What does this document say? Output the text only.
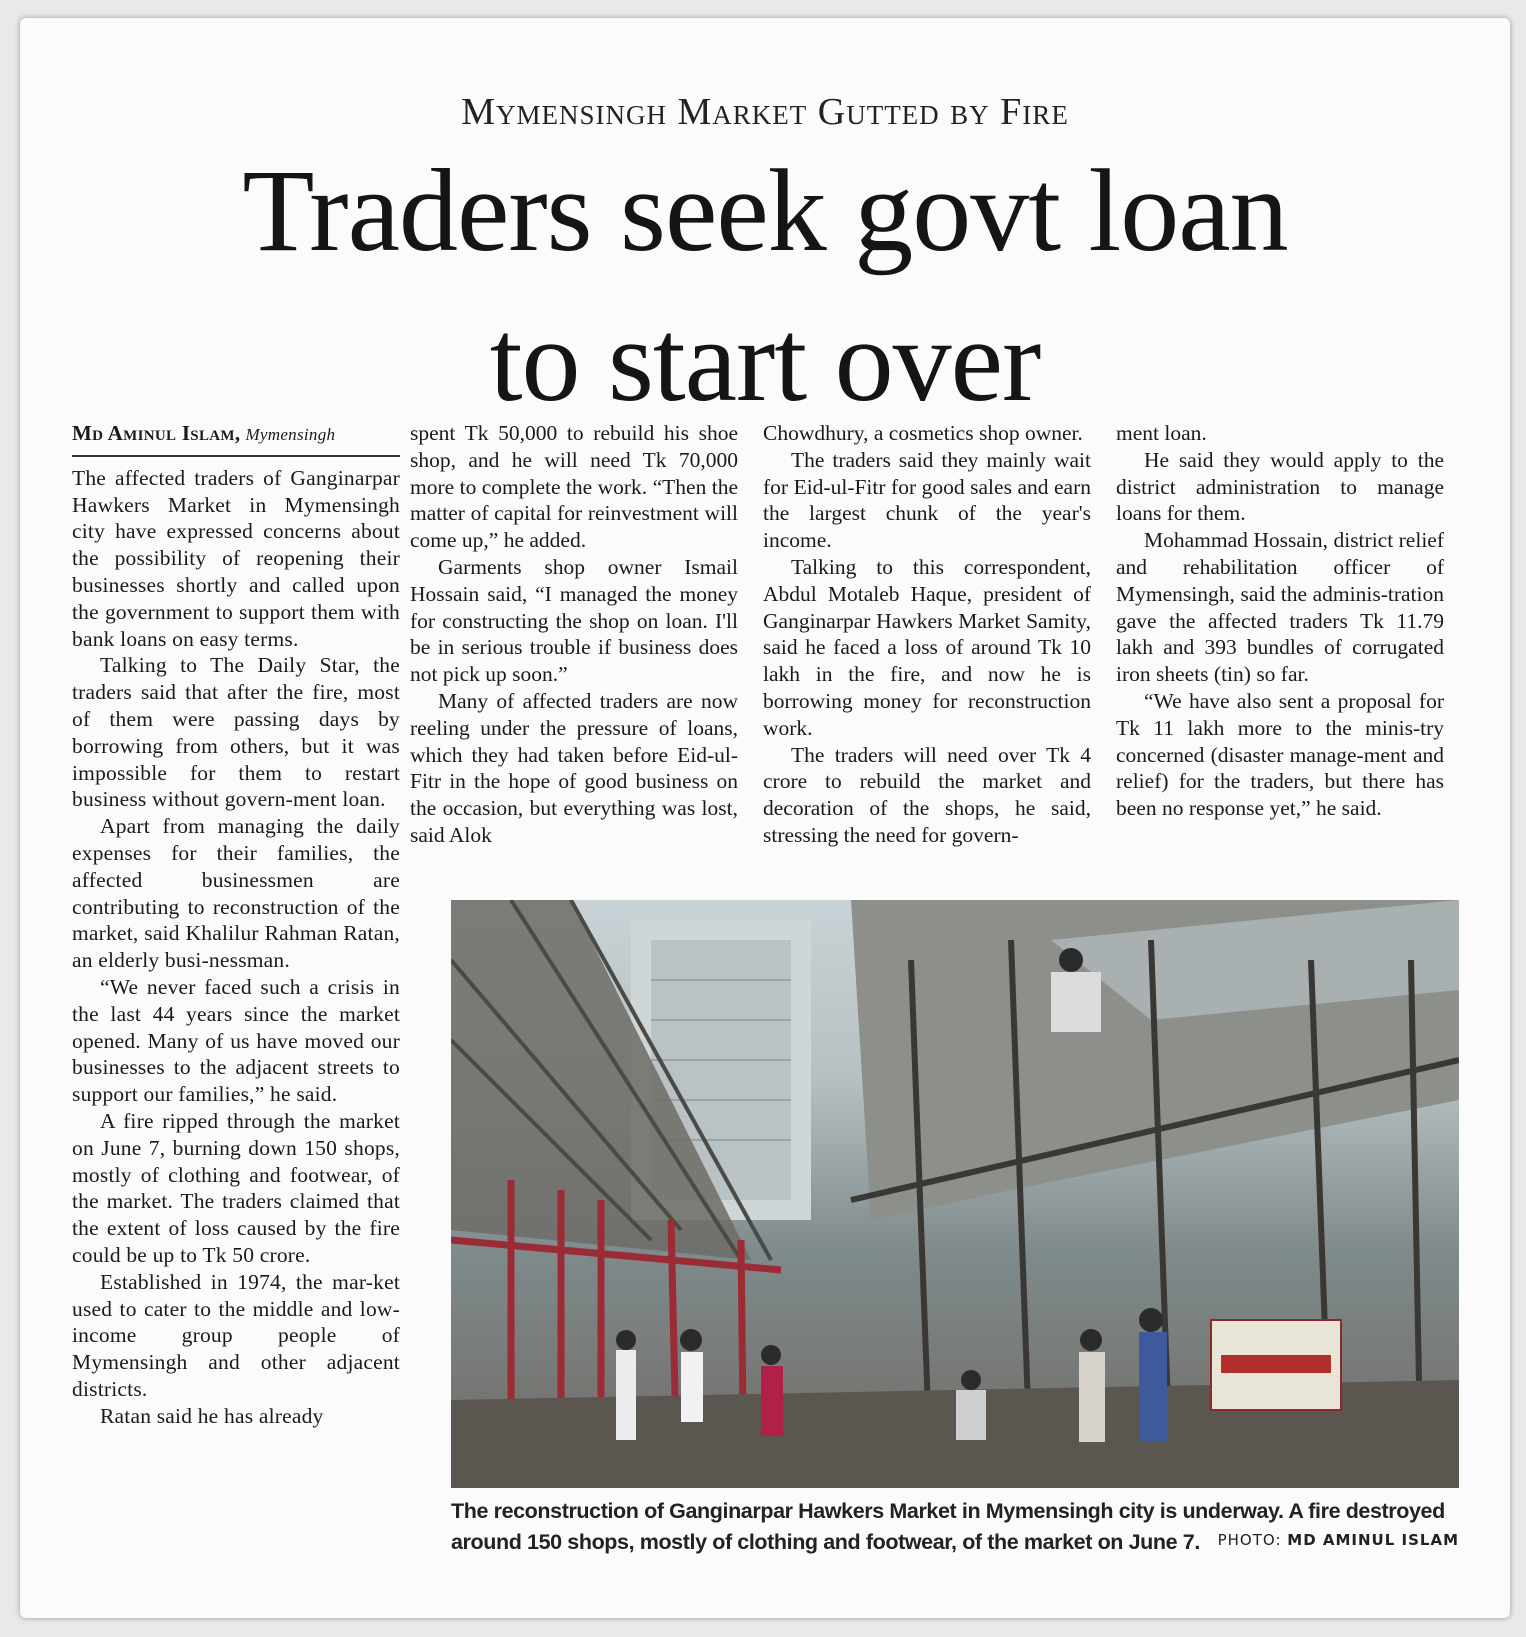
Mymensingh Market Gutted by Fire
Traders seek govt loan
to start over
Md Aminul Islam, Mymensingh

The affected traders of Ganginarpar Hawkers Market in Mymensingh city have expressed concerns about the possibility of reopening their businesses shortly and called upon the government to support them with bank loans on easy terms.

Talking to The Daily Star, the traders said that after the fire, most of them were passing days by borrowing from others, but it was impossible for them to restart business without govern-ment loan.

Apart from managing the daily expenses for their families, the affected businessmen are contributing to reconstruction of the market, said Khalilur Rahman Ratan, an elderly busi-nessman.

“We never faced such a crisis in the last 44 years since the market opened. Many of us have moved our businesses to the adjacent streets to support our families,” he said.

A fire ripped through the market on June 7, burning down 150 shops, mostly of clothing and footwear, of the market. The traders claimed that the extent of loss caused by the fire could be up to Tk 50 crore.

Established in 1974, the mar-ket used to cater to the middle and low-income group people of Mymensingh and other adjacent districts.

Ratan said he has already

spent Tk 50,000 to rebuild his shoe shop, and he will need Tk 70,000 more to complete the work. “Then the matter of capital for reinvestment will come up,” he added.

Garments shop owner Ismail Hossain said, “I managed the money for constructing the shop on loan. I'll be in serious trouble if business does not pick up soon.”

Many of affected traders are now reeling under the pressure of loans, which they had taken before Eid-ul-Fitr in the hope of good business on the occasion, but everything was lost, said Alok

Chowdhury, a cosmetics shop owner.

The traders said they mainly wait for Eid-ul-Fitr for good sales and earn the largest chunk of the year's income.

Talking to this correspondent, Abdul Motaleb Haque, president of Ganginarpar Hawkers Market Samity, said he faced a loss of around Tk 10 lakh in the fire, and now he is borrowing money for reconstruction work.

The traders will need over Tk 4 crore to rebuild the market and decoration of the shops, he said, stressing the need for govern-

ment loan.

He said they would apply to the district administration to manage loans for them.

Mohammad Hossain, district relief and rehabilitation officer of Mymensingh, said the adminis-tration gave the affected traders Tk 11.79 lakh and 393 bundles of corrugated iron sheets (tin) so far.

“We have also sent a proposal for Tk 11 lakh more to the minis-try concerned (disaster manage-ment and relief) for the traders, but there has been no response yet,” he said.

The reconstruction of Ganginarpar Hawkers Market in Mymensingh city is underway. A fire destroyed around 150 shops, mostly of clothing and footwear, of the market on June 7. PHOTO: MD AMINUL ISLAM
